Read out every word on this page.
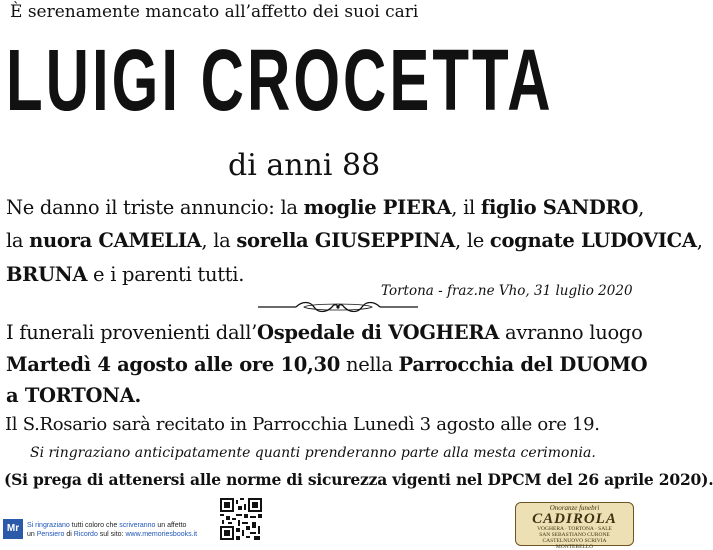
È serenamente mancato all’affetto dei suoi cari
LUIGI CROCETTA
di anni 88
Ne danno il triste annuncio: la moglie PIERA, il figlio SANDRO,
la nuora CAMELIA, la sorella GIUSEPPINA, le cognate LUDOVICA,
BRUNA e i parenti tutti.
Tortona - fraz.ne Vho, 31 luglio 2020
I funerali provenienti dall’Ospedale di VOGHERA avranno luogo
Martedì 4 agosto alle ore 10,30 nella Parrocchia del DUOMO
a TORTONA.
Il S.Rosario sarà recitato in Parrocchia Lunedì 3 agosto alle ore 19.
Si ringraziano anticipatamente quanti prenderanno parte alla mesta cerimonia.
(Si prega di attenersi alle norme di sicurezza vigenti nel DPCM del 26 aprile 2020).
Mr	Si ringraziano tutti coloro che scriveranno un affetto
un Pensiero di Ricordo sul sito: www.memoriesbooks.it
Onoranze funebri
CADIROLA
VOGHERA · TORTONA · SALE
SAN SEBASTIANO CURONE
CASTELNUOVO SCRIVIA
MONTEBELLO
